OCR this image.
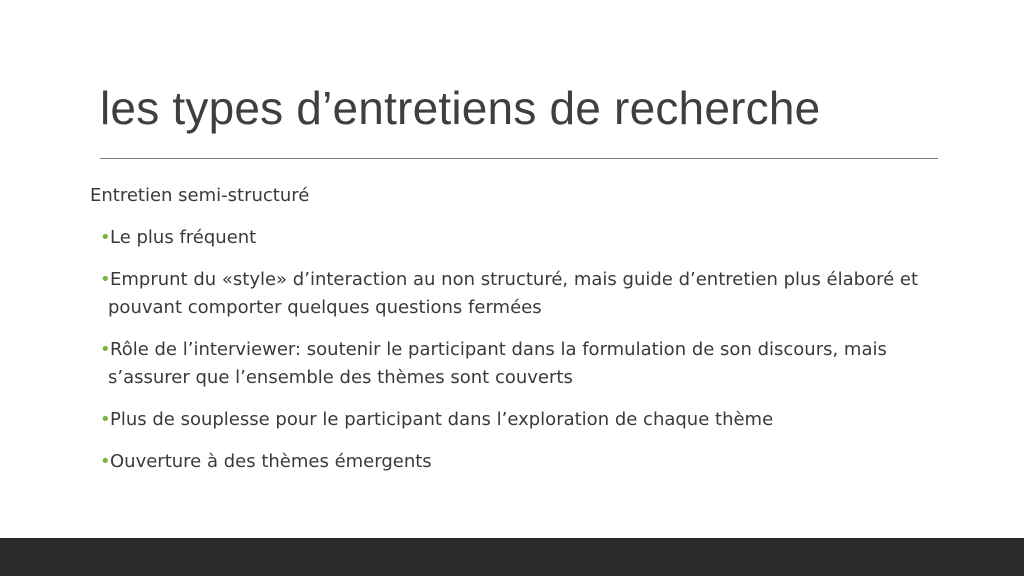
les types d’entretiens de recherche

Entretien semi-structuré

•Le plus fréquent
•Emprunt du «style» d’interaction au non structuré, mais guide d’entretien plus élaboré et pouvant comporter quelques questions fermées
•Rôle de l’interviewer: soutenir le participant dans la formulation de son discours, mais s’assurer que l’ensemble des thèmes sont couverts
•Plus de souplesse pour le participant dans l’exploration de chaque thème
•Ouverture à des thèmes émergents
